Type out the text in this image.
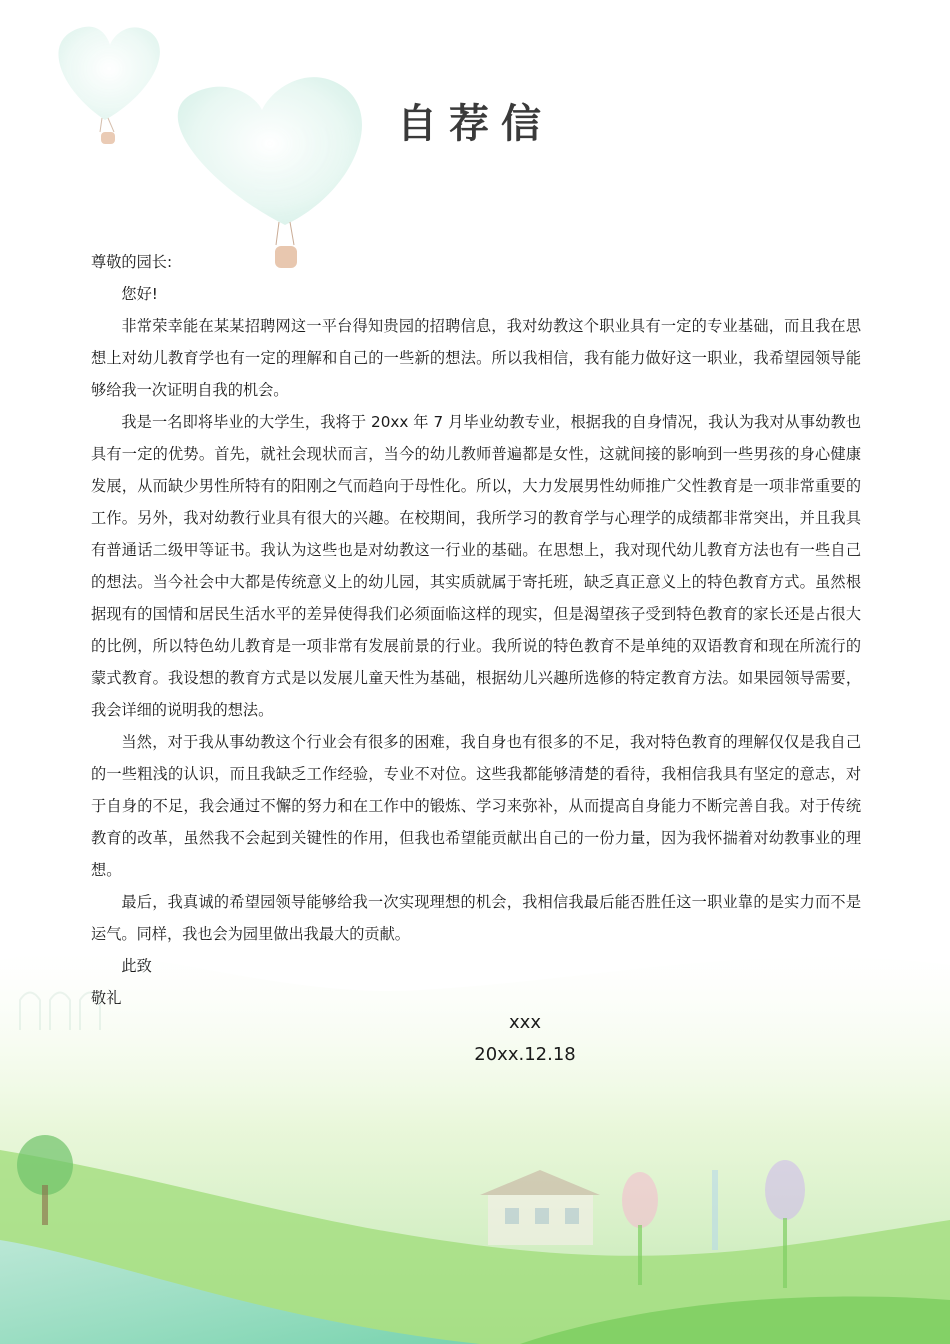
自荐信

尊敬的园长:

您好!

非常荣幸能在某某招聘网这一平台得知贵园的招聘信息，我对幼教这个职业具有一定的专业基础，而且我在思想上对幼儿教育学也有一定的理解和自己的一些新的想法。所以我相信，我有能力做好这一职业，我希望园领导能够给我一次证明自我的机会。

我是一名即将毕业的大学生，我将于 20xx 年 7 月毕业幼教专业，根据我的自身情况，我认为我对从事幼教也具有一定的优势。首先，就社会现状而言，当今的幼儿教师普遍都是女性，这就间接的影响到一些男孩的身心健康发展，从而缺少男性所特有的阳刚之气而趋向于母性化。所以，大力发展男性幼师推广父性教育是一项非常重要的工作。另外，我对幼教行业具有很大的兴趣。在校期间，我所学习的教育学与心理学的成绩都非常突出，并且我具有普通话二级甲等证书。我认为这些也是对幼教这一行业的基础。在思想上，我对现代幼儿教育方法也有一些自己的想法。当今社会中大都是传统意义上的幼儿园，其实质就属于寄托班，缺乏真正意义上的特色教育方式。虽然根据现有的国情和居民生活水平的差异使得我们必须面临这样的现实，但是渴望孩子受到特色教育的家长还是占很大的比例，所以特色幼儿教育是一项非常有发展前景的行业。我所说的特色教育不是单纯的双语教育和现在所流行的蒙式教育。我设想的教育方式是以发展儿童天性为基础，根据幼儿兴趣所选修的特定教育方法。如果园领导需要，我会详细的说明我的想法。

当然，对于我从事幼教这个行业会有很多的困难，我自身也有很多的不足，我对特色教育的理解仅仅是我自己的一些粗浅的认识，而且我缺乏工作经验，专业不对位。这些我都能够清楚的看待，我相信我具有坚定的意志，对于自身的不足，我会通过不懈的努力和在工作中的锻炼、学习来弥补，从而提高自身能力不断完善自我。对于传统教育的改革，虽然我不会起到关键性的作用，但我也希望能贡献出自己的一份力量，因为我怀揣着对幼教事业的理想。

最后，我真诚的希望园领导能够给我一次实现理想的机会，我相信我最后能否胜任这一职业靠的是实力而不是运气。同样，我也会为园里做出我最大的贡献。

此致

敬礼

xxx
20xx.12.18
